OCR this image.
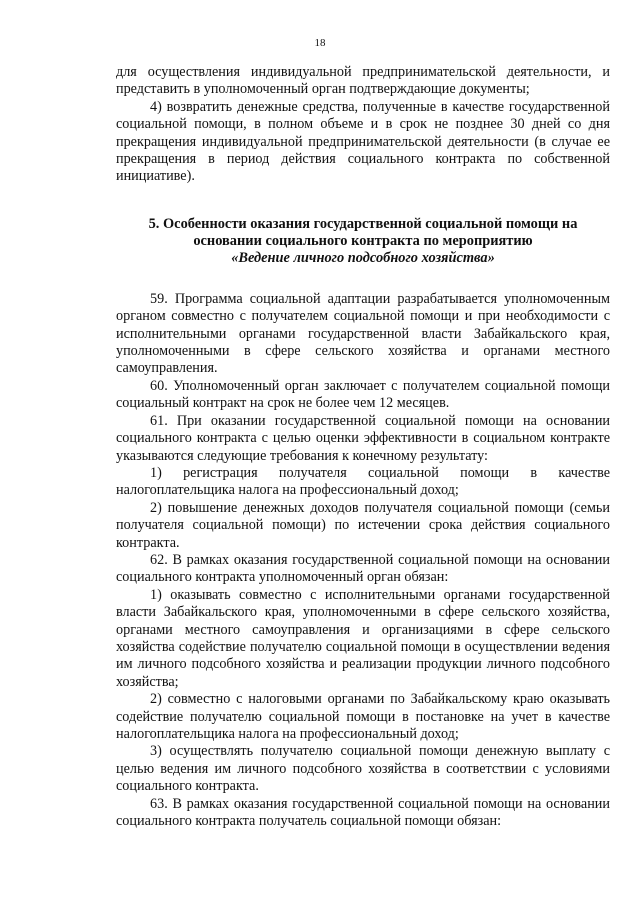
18

для осуществления индивидуальной предпринимательской деятельности, и представить в уполномоченный орган подтверждающие документы;

4) возвратить денежные средства, полученные в качестве государственной социальной помощи, в полном объеме и в срок не позднее 30 дней со дня прекращения индивидуальной предпринимательской деятельности (в случае ее прекращения в период действия социального контракта по собственной инициативе).

5. Особенности оказания государственной социальной помощи на
основании социального контракта по мероприятию
«Ведение личного подсобного хозяйства»

59. Программа социальной адаптации разрабатывается уполномоченным органом совместно с получателем социальной помощи и при необходимости с исполнительными органами государственной власти Забайкальского края, уполномоченными в сфере сельского хозяйства и органами местного самоуправления.

60. Уполномоченный орган заключает с получателем социальной помощи социальный контракт на срок не более чем 12 месяцев.

61. При оказании государственной социальной помощи на основании социального контракта с целью оценки эффективности в социальном контракте указываются следующие требования к конечному результату:

1) регистрация получателя социальной помощи в качестве налогоплательщика налога на профессиональный доход;

2) повышение денежных доходов получателя социальной помощи (семьи получателя социальной помощи) по истечении срока действия социального контракта.

62. В рамках оказания государственной социальной помощи на основании социального контракта уполномоченный орган обязан:

1) оказывать совместно с исполнительными органами государственной власти Забайкальского края, уполномоченными в сфере сельского хозяйства, органами местного самоуправления и организациями в сфере сельского хозяйства содействие получателю социальной помощи в осуществлении ведения им личного подсобного хозяйства и реализации продукции личного подсобного хозяйства;

2) совместно с налоговыми органами по Забайкальскому краю оказывать содействие получателю социальной помощи в постановке на учет в качестве налогоплательщика налога на профессиональный доход;

3) осуществлять получателю социальной помощи денежную выплату с целью ведения им личного подсобного хозяйства в соответствии с условиями социального контракта.

63. В рамках оказания государственной социальной помощи на основании социального контракта получатель социальной помощи обязан:
